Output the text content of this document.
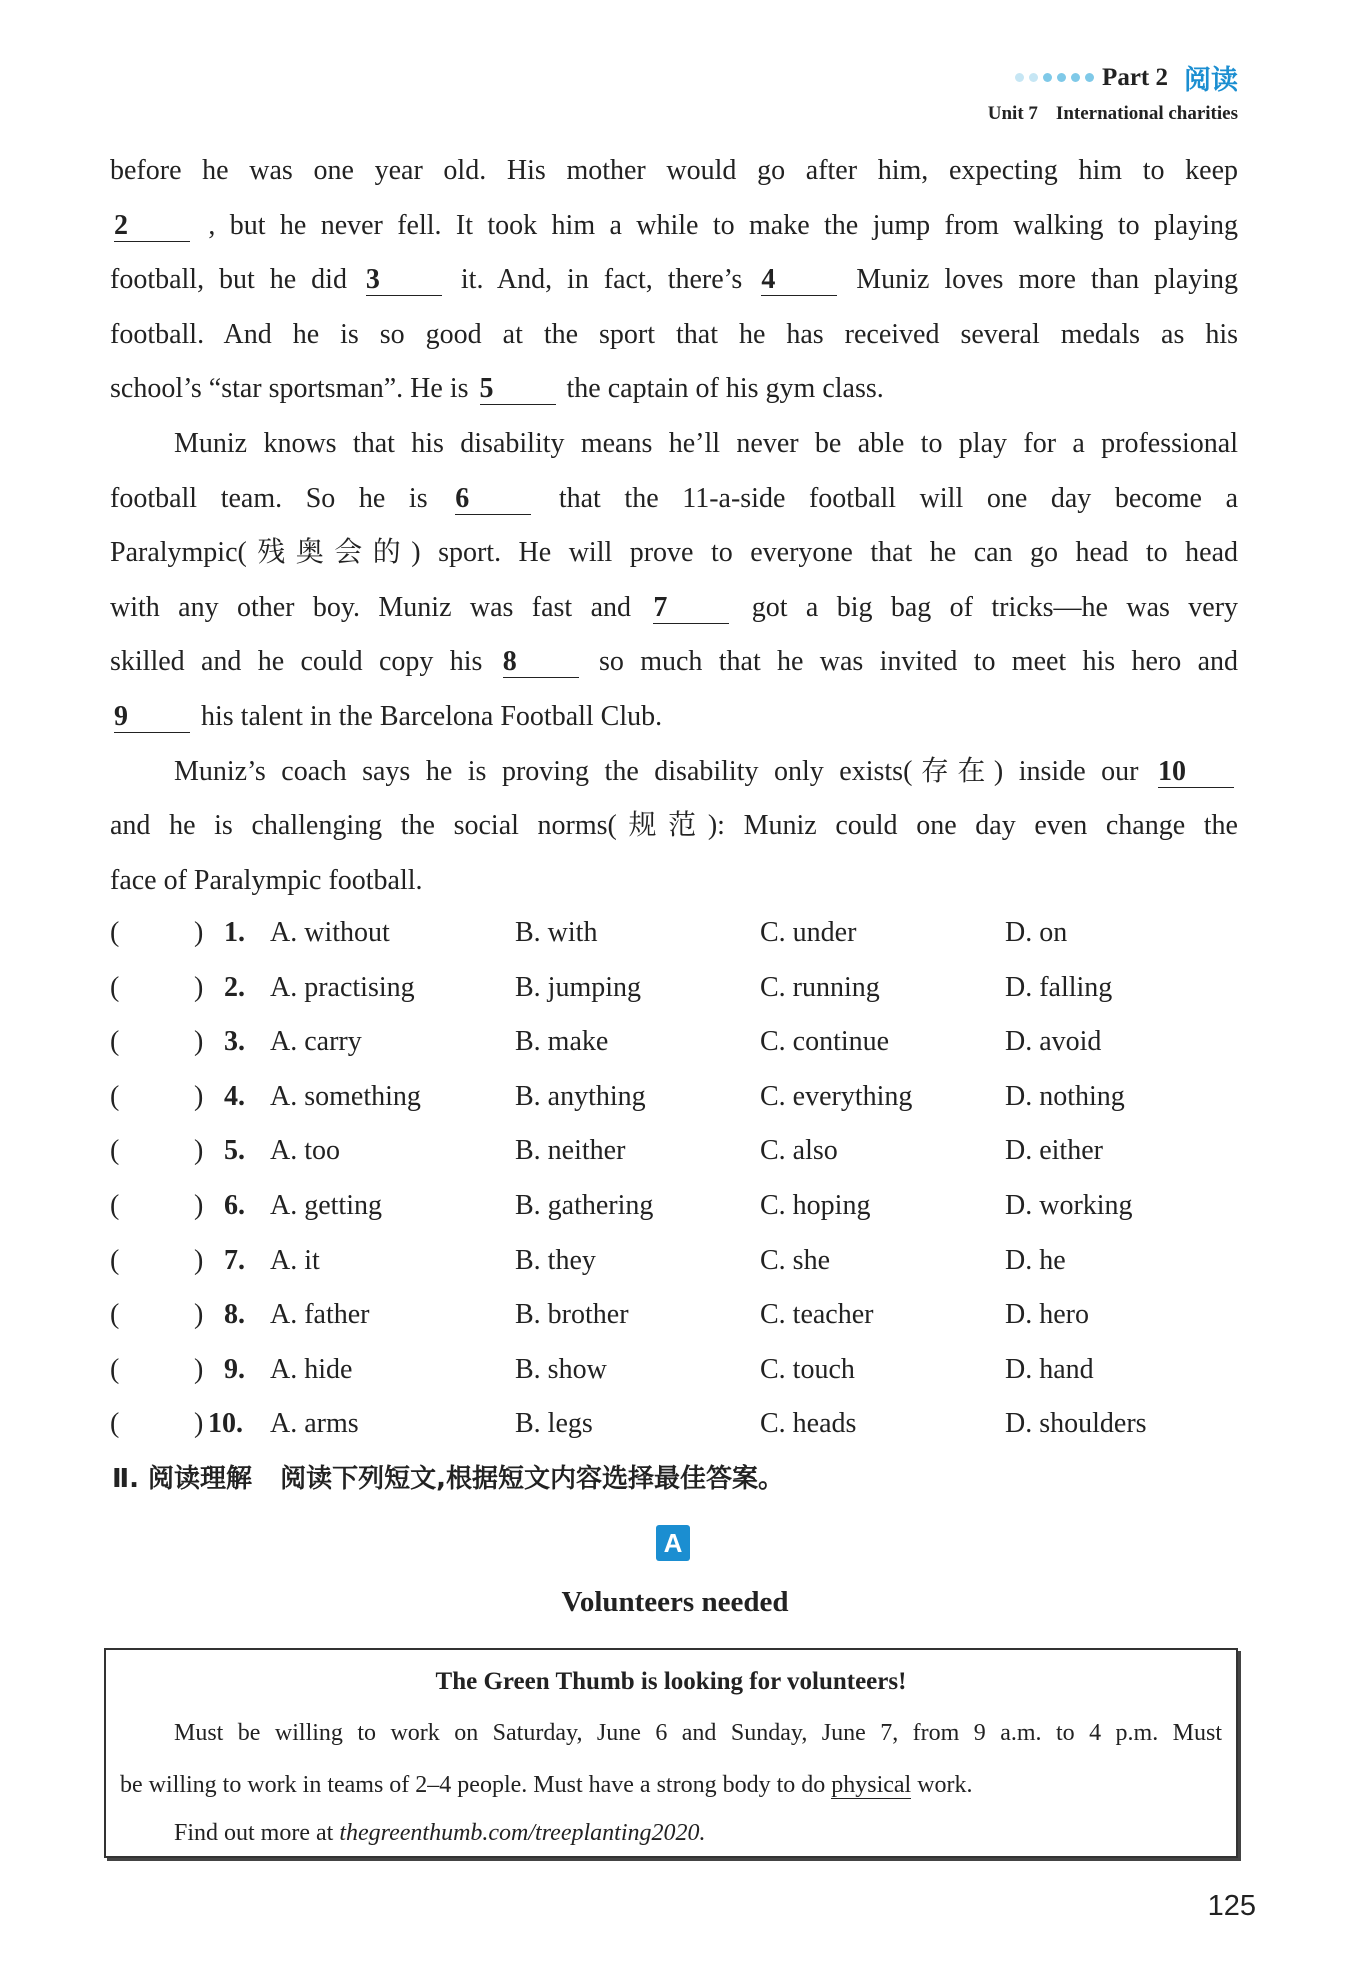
Part 2 阅读
Unit 7 International charities
before he was one year old. His mother would go after him, expecting him to keep
2	, but he never fell. It took him a while to make the jump from walking to playing
football, but he did 3	it. And, in fact, there’s 4	Muniz loves more than playing
football. And he is so good at the sport that he has received several medals as his
school’s “star sportsman”. He is 5	the captain of his gym class.
Muniz knows that his disability means he’ll never be able to play for a professional
football team. So he is 6	that the 11-a-side football will one day become a
Paralympic(残奥会的) sport. He will prove to everyone that he can go head to head
with any other boy. Muniz was fast and 7	got a big bag of tricks—he was very
skilled and he could copy his 8	so much that he was invited to meet his hero and
9	his talent in the Barcelona Football Club.
Muniz’s coach says he is proving the disability only exists(存在) inside our 10
and he is challenging the social norms(规范): Muniz could one day even change the
face of Paralympic football.
(	) 1. A. without	B. with	C. under	D. on
(	) 2. A. practising	B. jumping	C. running	D. falling
(	) 3. A. carry	B. make	C. continue	D. avoid
(	) 4. A. something	B. anything	C. everything	D. nothing
(	) 5. A. too	B. neither	C. also	D. either
(	) 6. A. getting	B. gathering	C. hoping	D. working
(	) 7. A. it	B. they	C. she	D. he
(	) 8. A. father	B. brother	C. teacher	D. hero
(	) 9. A. hide	B. show	C. touch	D. hand
(	) 10. A. arms	B. legs	C. heads	D. shoulders
Ⅱ. 阅读理解 阅读下列短文,根据短文内容选择最佳答案。
A
Volunteers needed
The Green Thumb is looking for volunteers!
Must be willing to work on Saturday, June 6 and Sunday, June 7, from 9 a.m. to 4 p.m. Must
be willing to work in teams of 2–4 people. Must have a strong body to do physical work.
Find out more at thegreenthumb.com/treeplanting2020.
125
